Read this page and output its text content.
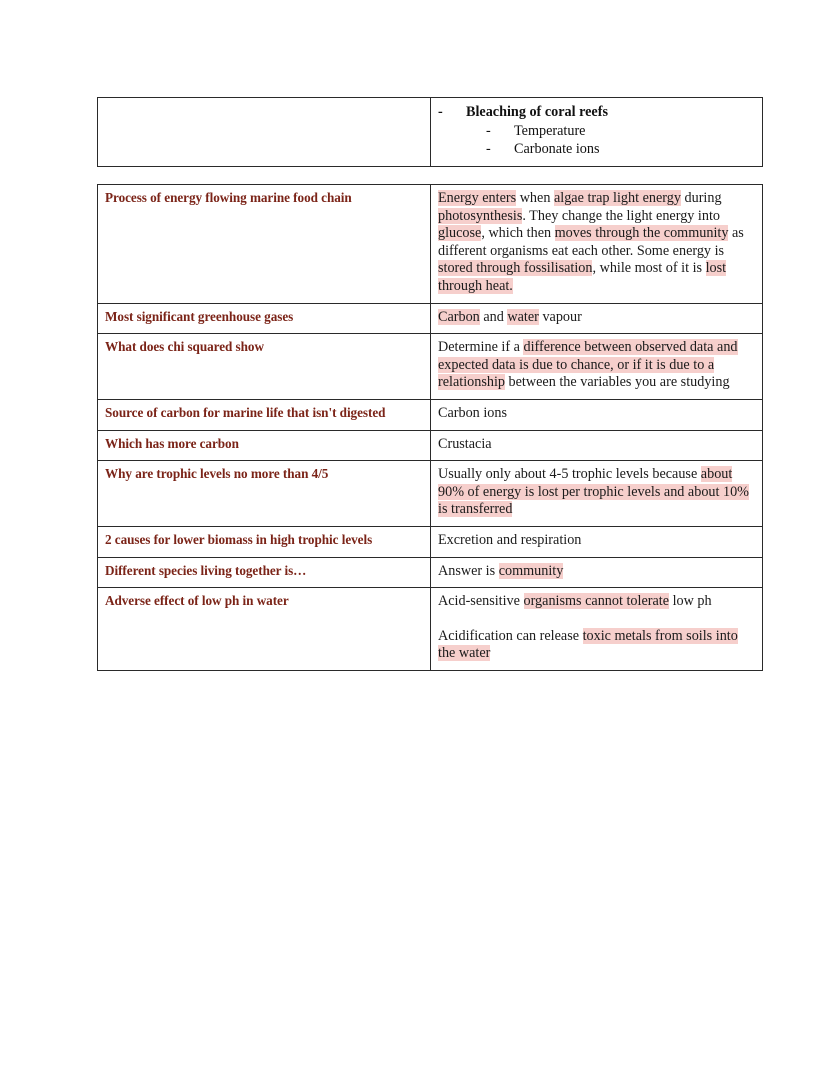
- Bleaching of coral reefs
- Temperature
- Carbonate ions
Process of energy flowing marine food chain	Energy enters when algae trap light energy during photosynthesis. They change the light energy into glucose, which then moves through the community as different organisms eat each other. Some energy is stored through fossilisation, while most of it is lost through heat.

Most significant greenhouse gases	Carbon and water vapour

What does chi squared show	Determine if a difference between observed data and expected data is due to chance, or if it is due to a relationship between the variables you are studying

Source of carbon for marine life that isn't digested	Carbon ions

Which has more carbon	Crustacia

Why are trophic levels no more than 4/5	Usually only about 4-5 trophic levels because about 90% of energy is lost per trophic levels and about 10% is transferred

2 causes for lower biomass in high trophic levels	Excretion and respiration

Different species living together is…	Answer is community

Adverse effect of low ph in water	Acid-sensitive organisms cannot tolerate low ph

Acidification can release toxic metals from soils into the water
